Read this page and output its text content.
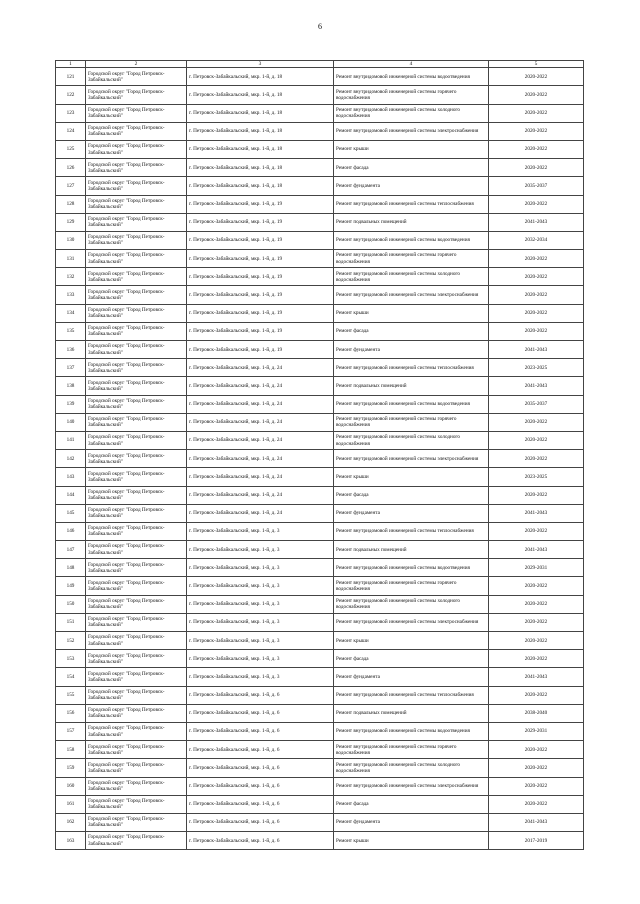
6
1	2	3	4	5
121	Городской округ "Город Петровск-Забайкальский"	г. Петровск-Забайкальский, мкр. 1-й, д. 18	Ремонт внутридомовой инженерной системы водоотведения	2020-2022
122	Городской округ "Город Петровск-Забайкальский"	г. Петровск-Забайкальский, мкр. 1-й, д. 18	Ремонт внутридомовой инженерной системы горячего водоснабжения	2020-2022
123	Городской округ "Город Петровск-Забайкальский"	г. Петровск-Забайкальский, мкр. 1-й, д. 18	Ремонт внутридомовой инженерной системы холодного водоснабжения	2020-2022
124	Городской округ "Город Петровск-Забайкальский"	г. Петровск-Забайкальский, мкр. 1-й, д. 18	Ремонт внутридомовой инженерной системы электроснабжения	2020-2022
125	Городской округ "Город Петровск-Забайкальский"	г. Петровск-Забайкальский, мкр. 1-й, д. 18	Ремонт крыши	2020-2022
126	Городской округ "Город Петровск-Забайкальский"	г. Петровск-Забайкальский, мкр. 1-й, д. 18	Ремонт фасада	2020-2022
127	Городской округ "Город Петровск-Забайкальский"	г. Петровск-Забайкальский, мкр. 1-й, д. 18	Ремонт фундамента	2035-2037
128	Городской округ "Город Петровск-Забайкальский"	г. Петровск-Забайкальский, мкр. 1-й, д. 19	Ремонт внутридомовой инженерной системы теплоснабжения	2020-2022
129	Городской округ "Город Петровск-Забайкальский"	г. Петровск-Забайкальский, мкр. 1-й, д. 19	Ремонт подвальных помещений	2041-2043
130	Городской округ "Город Петровск-Забайкальский"	г. Петровск-Забайкальский, мкр. 1-й, д. 19	Ремонт внутридомовой инженерной системы водоотведения	2032-2034
131	Городской округ "Город Петровск-Забайкальский"	г. Петровск-Забайкальский, мкр. 1-й, д. 19	Ремонт внутридомовой инженерной системы горячего водоснабжения	2020-2022
132	Городской округ "Город Петровск-Забайкальский"	г. Петровск-Забайкальский, мкр. 1-й, д. 19	Ремонт внутридомовой инженерной системы холодного водоснабжения	2020-2022
133	Городской округ "Город Петровск-Забайкальский"	г. Петровск-Забайкальский, мкр. 1-й, д. 19	Ремонт внутридомовой инженерной системы электроснабжения	2020-2022
134	Городской округ "Город Петровск-Забайкальский"	г. Петровск-Забайкальский, мкр. 1-й, д. 19	Ремонт крыши	2020-2022
135	Городской округ "Город Петровск-Забайкальский"	г. Петровск-Забайкальский, мкр. 1-й, д. 19	Ремонт фасада	2020-2022
136	Городской округ "Город Петровск-Забайкальский"	г. Петровск-Забайкальский, мкр. 1-й, д. 19	Ремонт фундамента	2041-2043
137	Городской округ "Город Петровск-Забайкальский"	г. Петровск-Забайкальский, мкр. 1-й, д. 24	Ремонт внутридомовой инженерной системы теплоснабжения	2023-2025
138	Городской округ "Город Петровск-Забайкальский"	г. Петровск-Забайкальский, мкр. 1-й, д. 24	Ремонт подвальных помещений	2041-2043
139	Городской округ "Город Петровск-Забайкальский"	г. Петровск-Забайкальский, мкр. 1-й, д. 24	Ремонт внутридомовой инженерной системы водоотведения	2035-2037
140	Городской округ "Город Петровск-Забайкальский"	г. Петровск-Забайкальский, мкр. 1-й, д. 24	Ремонт внутридомовой инженерной системы горячего водоснабжения	2020-2022
141	Городской округ "Город Петровск-Забайкальский"	г. Петровск-Забайкальский, мкр. 1-й, д. 24	Ремонт внутридомовой инженерной системы холодного водоснабжения	2020-2022
142	Городской округ "Город Петровск-Забайкальский"	г. Петровск-Забайкальский, мкр. 1-й, д. 24	Ремонт внутридомовой инженерной системы электроснабжения	2020-2022
143	Городской округ "Город Петровск-Забайкальский"	г. Петровск-Забайкальский, мкр. 1-й, д. 24	Ремонт крыши	2023-2025
144	Городской округ "Город Петровск-Забайкальский"	г. Петровск-Забайкальский, мкр. 1-й, д. 24	Ремонт фасада	2020-2022
145	Городской округ "Город Петровск-Забайкальский"	г. Петровск-Забайкальский, мкр. 1-й, д. 24	Ремонт фундамента	2041-2043
146	Городской округ "Город Петровск-Забайкальский"	г. Петровск-Забайкальский, мкр. 1-й, д. 3	Ремонт внутридомовой инженерной системы теплоснабжения	2020-2022
147	Городской округ "Город Петровск-Забайкальский"	г. Петровск-Забайкальский, мкр. 1-й, д. 3	Ремонт подвальных помещений	2041-2043
148	Городской округ "Город Петровск-Забайкальский"	г. Петровск-Забайкальский, мкр. 1-й, д. 3	Ремонт внутридомовой инженерной системы водоотведения	2029-2031
149	Городской округ "Город Петровск-Забайкальский"	г. Петровск-Забайкальский, мкр. 1-й, д. 3	Ремонт внутридомовой инженерной системы горячего водоснабжения	2020-2022
150	Городской округ "Город Петровск-Забайкальский"	г. Петровск-Забайкальский, мкр. 1-й, д. 3	Ремонт внутридомовой инженерной системы холодного водоснабжения	2020-2022
151	Городской округ "Город Петровск-Забайкальский"	г. Петровск-Забайкальский, мкр. 1-й, д. 3	Ремонт внутридомовой инженерной системы электроснабжения	2020-2022
152	Городской округ "Город Петровск-Забайкальский"	г. Петровск-Забайкальский, мкр. 1-й, д. 3	Ремонт крыши	2020-2022
153	Городской округ "Город Петровск-Забайкальский"	г. Петровск-Забайкальский, мкр. 1-й, д. 3	Ремонт фасада	2020-2022
154	Городской округ "Город Петровск-Забайкальский"	г. Петровск-Забайкальский, мкр. 1-й, д. 3	Ремонт фундамента	2041-2043
155	Городской округ "Город Петровск-Забайкальский"	г. Петровск-Забайкальский, мкр. 1-й, д. 6	Ремонт внутридомовой инженерной системы теплоснабжения	2020-2022
156	Городской округ "Город Петровск-Забайкальский"	г. Петровск-Забайкальский, мкр. 1-й, д. 6	Ремонт подвальных помещений	2038-2040
157	Городской округ "Город Петровск-Забайкальский"	г. Петровск-Забайкальский, мкр. 1-й, д. 6	Ремонт внутридомовой инженерной системы водоотведения	2029-2031
158	Городской округ "Город Петровск-Забайкальский"	г. Петровск-Забайкальский, мкр. 1-й, д. 6	Ремонт внутридомовой инженерной системы горячего водоснабжения	2020-2022
159	Городской округ "Город Петровск-Забайкальский"	г. Петровск-Забайкальский, мкр. 1-й, д. 6	Ремонт внутридомовой инженерной системы холодного водоснабжения	2020-2022
160	Городской округ "Город Петровск-Забайкальский"	г. Петровск-Забайкальский, мкр. 1-й, д. 6	Ремонт внутридомовой инженерной системы электроснабжения	2020-2022
161	Городской округ "Город Петровск-Забайкальский"	г. Петровск-Забайкальский, мкр. 1-й, д. 6	Ремонт фасада	2020-2022
162	Городской округ "Город Петровск-Забайкальский"	г. Петровск-Забайкальский, мкр. 1-й, д. 6	Ремонт фундамента	2041-2043
163	Городской округ "Город Петровск-Забайкальский"	г. Петровск-Забайкальский, мкр. 1-й, д. 6	Ремонт крыши	2017-2019
